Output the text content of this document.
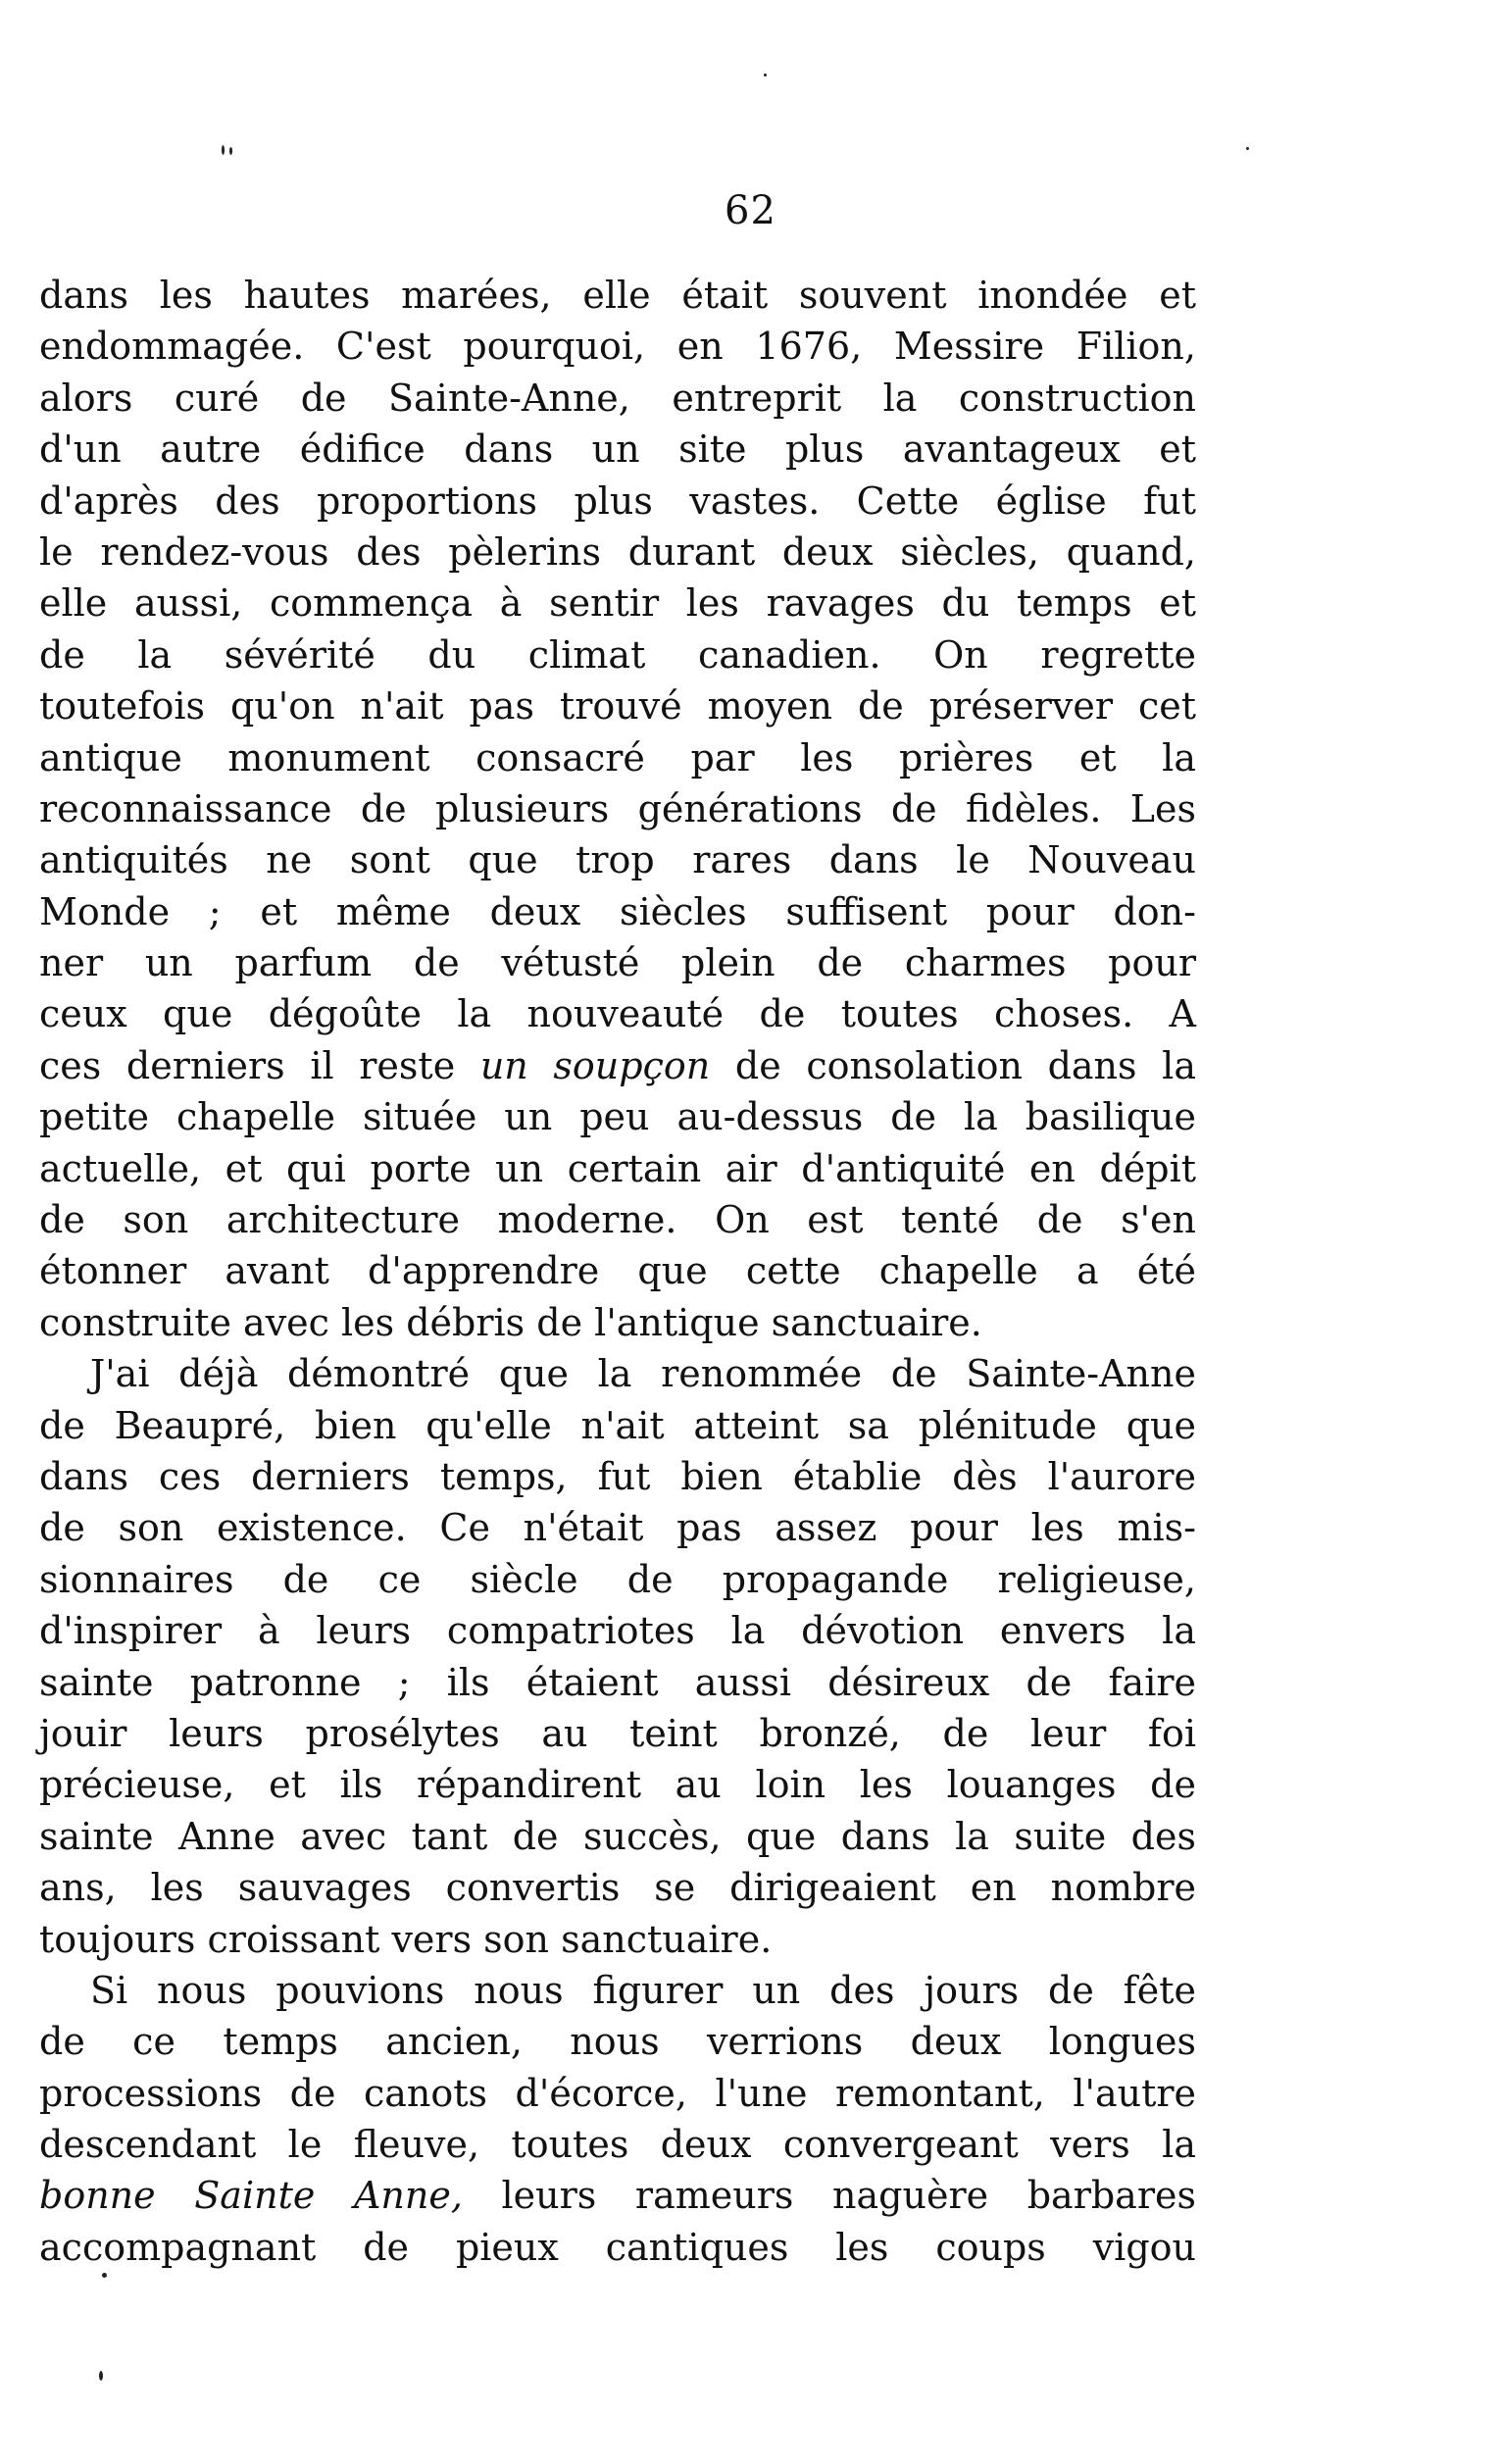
62
dans les hautes marées, elle était souvent inondée et
endommagée. C'est pourquoi, en 1676, Messire Filion,
alors curé de Sainte-Anne, entreprit la construction
d'un autre édifice dans un site plus avantageux et
d'après des proportions plus vastes. Cette église fut
le rendez-vous des pèlerins durant deux siècles, quand,
elle aussi, commença à sentir les ravages du temps et
de la sévérité du climat canadien. On regrette
toutefois qu'on n'ait pas trouvé moyen de préserver cet
antique monument consacré par les prières et la
reconnaissance de plusieurs générations de fidèles. Les
antiquités ne sont que trop rares dans le Nouveau
Monde ; et même deux siècles suffisent pour don-
ner un parfum de vétusté plein de charmes pour
ceux que dégoûte la nouveauté de toutes choses. A
ces derniers il reste un soupçon de consolation dans la
petite chapelle située un peu au-dessus de la basilique
actuelle, et qui porte un certain air d'antiquité en dépit
de son architecture moderne. On est tenté de s'en
étonner avant d'apprendre que cette chapelle a été
construite avec les débris de l'antique sanctuaire.
J'ai déjà démontré que la renommée de Sainte-Anne
de Beaupré, bien qu'elle n'ait atteint sa plénitude que
dans ces derniers temps, fut bien établie dès l'aurore
de son existence. Ce n'était pas assez pour les mis-
sionnaires de ce siècle de propagande religieuse,
d'inspirer à leurs compatriotes la dévotion envers la
sainte patronne ; ils étaient aussi désireux de faire
jouir leurs prosélytes au teint bronzé, de leur foi
précieuse, et ils répandirent au loin les louanges de
sainte Anne avec tant de succès, que dans la suite des
ans, les sauvages convertis se dirigeaient en nombre
toujours croissant vers son sanctuaire.
Si nous pouvions nous figurer un des jours de fête
de ce temps ancien, nous verrions deux longues
processions de canots d'écorce, l'une remontant, l'autre
descendant le fleuve, toutes deux convergeant vers la
bonne Sainte Anne, leurs rameurs naguère barbares
accompagnant de pieux cantiques les coups vigou
